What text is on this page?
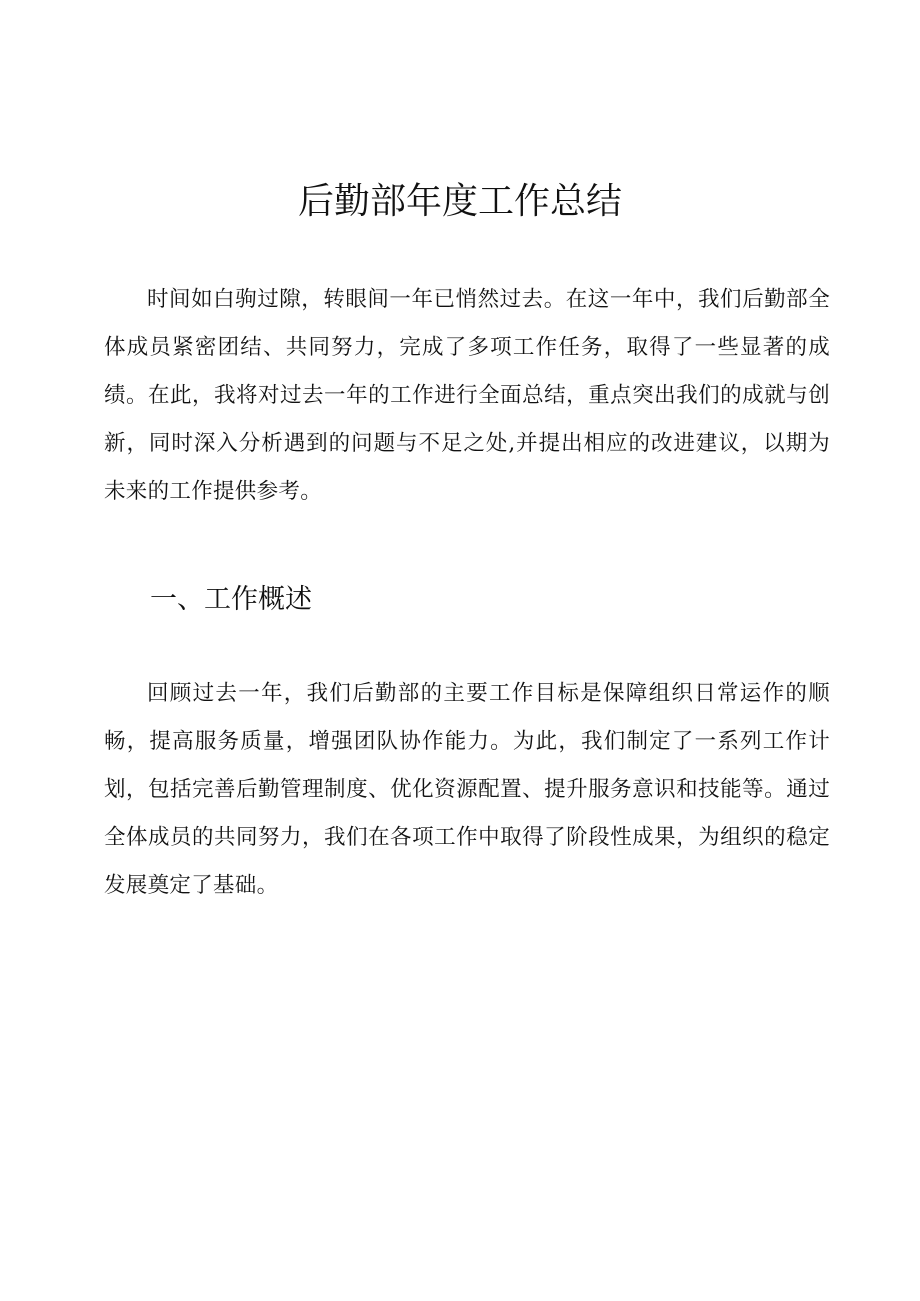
后勤部年度工作总结

时间如白驹过隙，转眼间一年已悄然过去。在这一年中，我们后勤部全体成员紧密团结、共同努力，完成了多项工作任务，取得了一些显著的成绩。在此，我将对过去一年的工作进行全面总结，重点突出我们的成就与创新，同时深入分析遇到的问题与不足之处,并提出相应的改进建议，以期为未来的工作提供参考。

一、工作概述

回顾过去一年，我们后勤部的主要工作目标是保障组织日常运作的顺畅，提高服务质量，增强团队协作能力。为此，我们制定了一系列工作计划，包括完善后勤管理制度、优化资源配置、提升服务意识和技能等。通过全体成员的共同努力，我们在各项工作中取得了阶段性成果，为组织的稳定发展奠定了基础。
